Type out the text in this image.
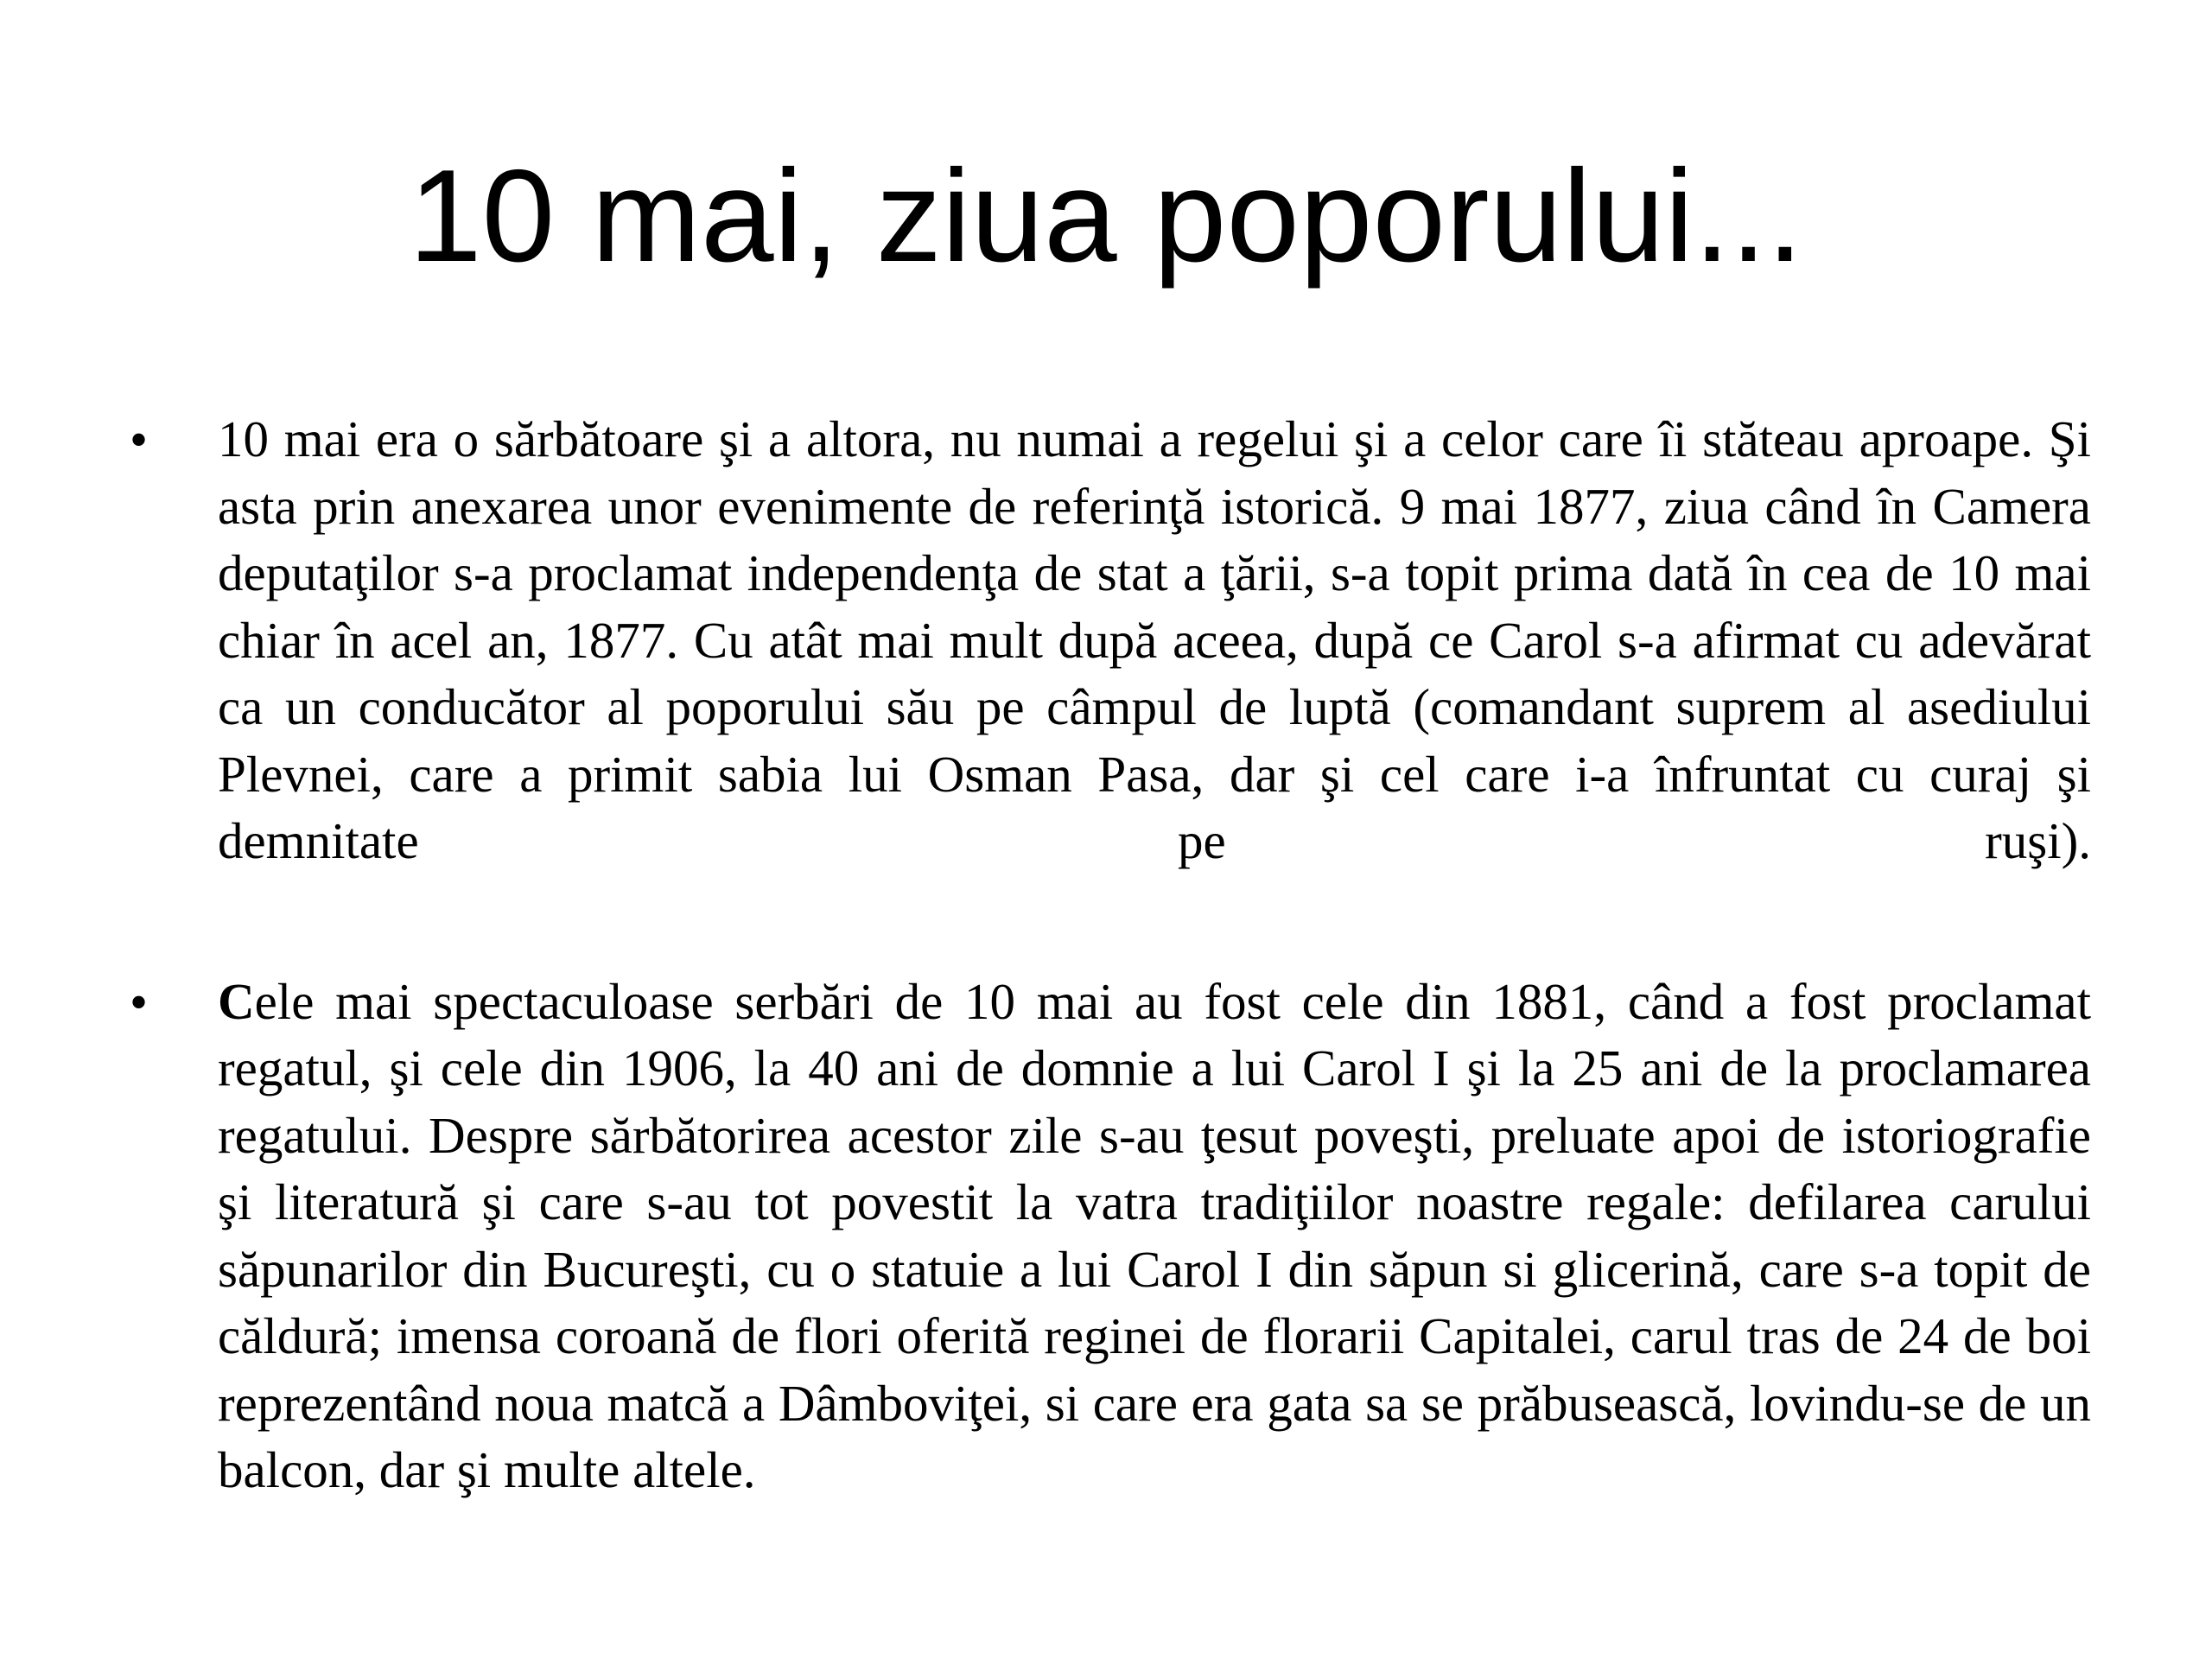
10 mai, ziua poporului...
• 10 mai era o sărbătoare şi a altora, nu numai a regelui şi a celor care îi stăteau aproape. Şi asta prin anexarea unor evenimente de referinţă istorică. 9 mai 1877, ziua când în Camera deputaţilor s-a proclamat independenţa de stat a ţării, s-a topit prima dată în cea de 10 mai chiar în acel an, 1877. Cu atât mai mult după aceea, după ce Carol s-a afirmat cu adevărat ca un conducător al poporului său pe câmpul de luptă (comandant suprem al asediului Plevnei, care a primit sabia lui Osman Pasa, dar şi cel care i-a înfruntat cu curaj şi demnitate pe ruşi).
• Cele mai spectaculoase serbări de 10 mai au fost cele din 1881, când a fost proclamat regatul, şi cele din 1906, la 40 ani de domnie a lui Carol I şi la 25 ani de la proclamarea regatului. Despre sărbătorirea acestor zile s-au ţesut poveşti, preluate apoi de istoriografie şi literatură şi care s-au tot povestit la vatra tradiţiilor noastre regale: defilarea carului săpunarilor din Bucureşti, cu o statuie a lui Carol I din săpun si glicerină, care s-a topit de căldură; imensa coroană de flori oferită reginei de florarii Capitalei, carul tras de 24 de boi reprezentând noua matcă a Dâmboviţei, si care era gata sa se prăbusească, lovindu-se de un balcon, dar şi multe altele.
